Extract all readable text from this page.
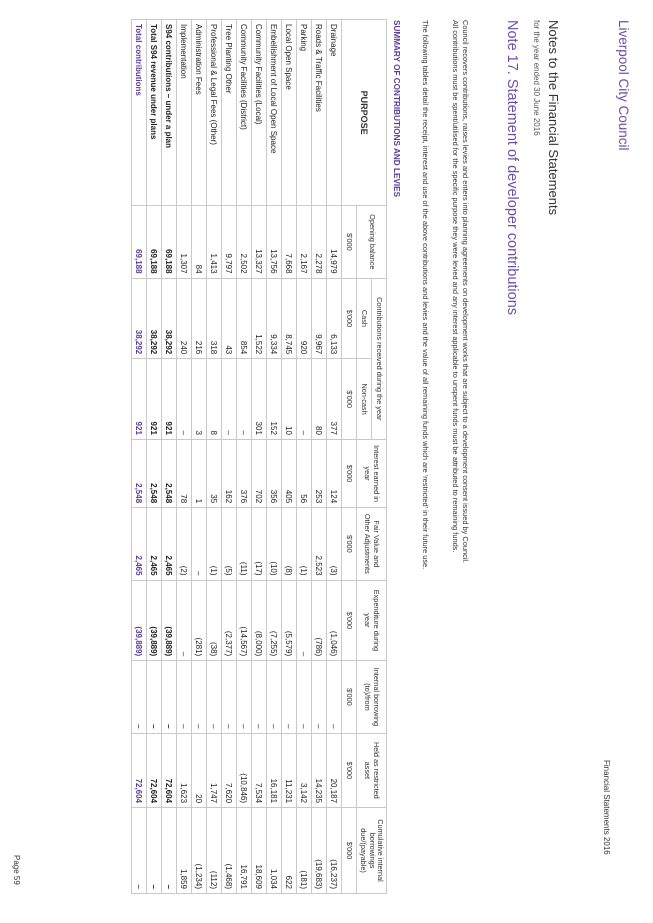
Liverpool City Council
Financial Statements 2016
Notes to the Financial Statements
for the year ended 30 June 2016
Note 17. Statement of developer contributions
Council recovers contributions, raises levies and enters into planning agreements on development works that are subject to a development consent issued by Council.
All contributions must be spent/utilised for the specific purpose they were levied and any interest applicable to unspent funds must be attributed to remaining funds.
The following tables detail the receipt, interest and use of the above contributions and levies and the value of all remaining funds which are 'restricted' in their future use.
SUMMARY OF CONTRIBUTIONS AND LEVIES
PURPOSE	Opening balance	Contributions received during the year		Interest earned in year	Fair Value and Other Adjustments	Expenditure during year	Internal borrowing (to)/from	Held as restricted asset	Cumulative internal borrowings due/(payable)
		Cash	Non-cash						
	$'000	$'000	$'000	$'000	$'000	$'000	$'000	$'000	$'000
Drainage	14,979	6,133	377	124	(3)	(1,046)	–	20,187	(16,237)
Roads & Traffic Facilities	2,278	9,967	80	253	2,523	(786)	–	14,235	(19,683)
Parking	2,167	920	–	56	(1)	–	–	3,142	(181)
Local Open Space	7,668	8,745	10	405	(8)	(5,579)	–	11,231	622
Embellishment of Local Open Space	13,756	9,334	152	356	(10)	(7,255)	–	16,181	1,034
Community Facilities (Local)	13,327	1,522	301	702	(17)	(8,000)	–	7,534	18,609
Community Facilities (District)	2,502	854	–	376	(11)	(14,567)	–	(10,846)	16,791
Tree Planting Other	9,797	43	–	162	(5)	(2,377)	–	7,620	(1,468)
Professional & Legal Fees (Other)	1,413	318	8	35	(1)	(38)	–	1,747	(112)
Administration Fees	84	216	3	1	–	(281)	–	20	(1,234)
Implementation	1,307	240	–	78	(2)	–	–	1,623	1,859
S94 contributions – under a plan	69,188	38,292	921	2,548	2,465	(39,889)	–	72,604	–
Total S94 revenue under plans	69,188	38,292	921	2,548	2,465	(39,889)	–	72,604	–
Total contributions	69,188	38,292	921	2,548	2,465	(39,889)	–	72,604	–
Page 59
